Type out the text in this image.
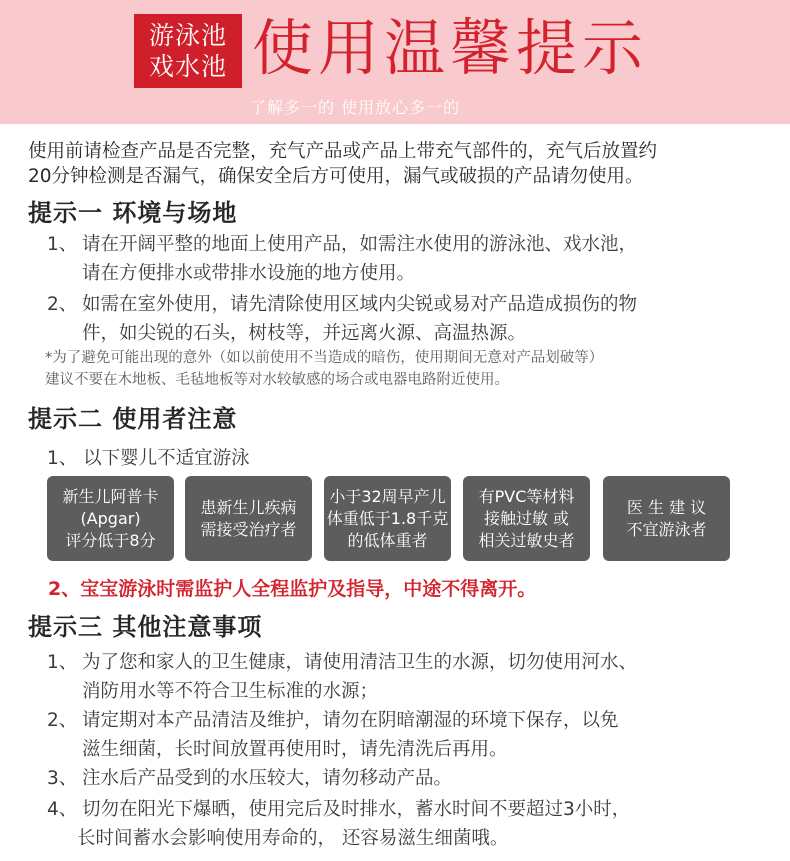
游泳池
戏水池 使用温馨提示
了解多一的 使用放心多一的
使用前请检查产品是否完整，充气产品或产品上带充气部件的，充气后放置约
20分钟检测是否漏气，确保安全后方可使用，漏气或破损的产品请勿使用。
提示一 环境与场地
1、 请在开阔平整的地面上使用产品，如需注水使用的游泳池、戏水池，
请在方便排水或带排水设施的地方使用。
2、 如需在室外使用，请先清除使用区域内尖锐或易对产品造成损伤的物
件，如尖锐的石头，树枝等，并远离火源、高温热源。
*为了避免可能出现的意外（如以前使用不当造成的暗伤，使用期间无意对产品划破等）
建议不要在木地板、毛毡地板等对水较敏感的场合或电器电路附近使用。
提示二 使用者注意
1、 以下婴儿不适宜游泳
新生儿阿普卡
(Apgar)
评分低于8分
患新生儿疾病
需接受治疗者
小于32周早产儿
体重低于1.8千克
的低体重者
有PVC等材料
接触过敏 或
相关过敏史者
医 生 建 议
不宜游泳者
2、宝宝游泳时需监护人全程监护及指导，中途不得离开。
提示三 其他注意事项
1、 为了您和家人的卫生健康，请使用清洁卫生的水源，切勿使用河水、
消防用水等不符合卫生标准的水源；
2、 请定期对本产品清洁及维护，请勿在阴暗潮湿的环境下保存，以免
滋生细菌，长时间放置再使用时，请先清洗后再用。
3、 注水后产品受到的水压较大，请勿移动产品。
4、 切勿在阳光下爆晒，使用完后及时排水，蓄水时间不要超过3小时，
长时间蓄水会影响使用寿命的， 还容易滋生细菌哦。
